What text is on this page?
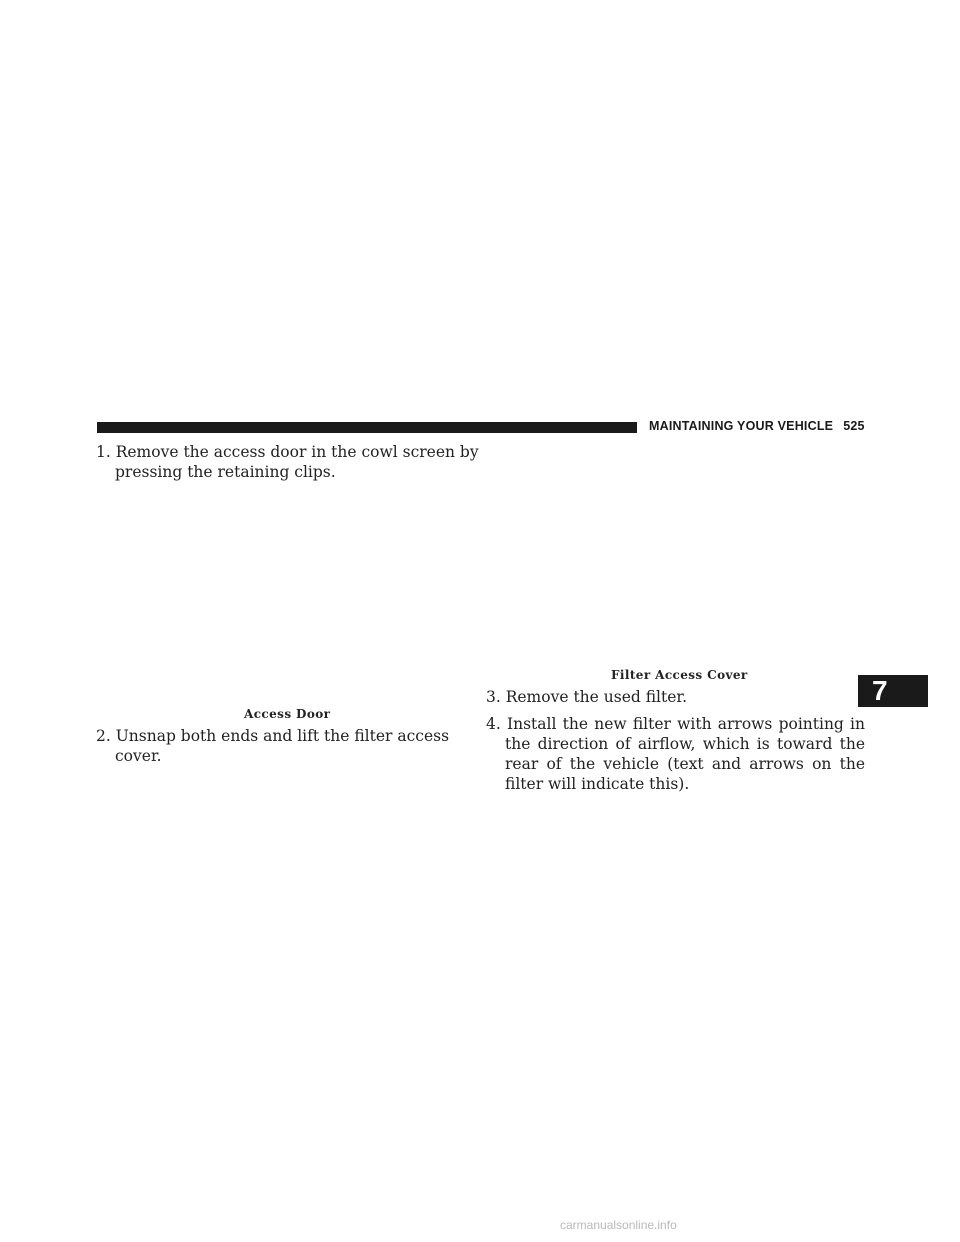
MAINTAINING YOUR VEHICLE 525
1. Remove the access door in the cowl screen by pressing the retaining clips.
Access Door
2. Unsnap both ends and lift the filter access cover.
Filter Access Cover
3. Remove the used filter.
4. Install the new filter with arrows pointing in the direction of airflow, which is toward the rear of the vehicle (text and arrows on the filter will indicate this).
7
carmanualsonline.info
